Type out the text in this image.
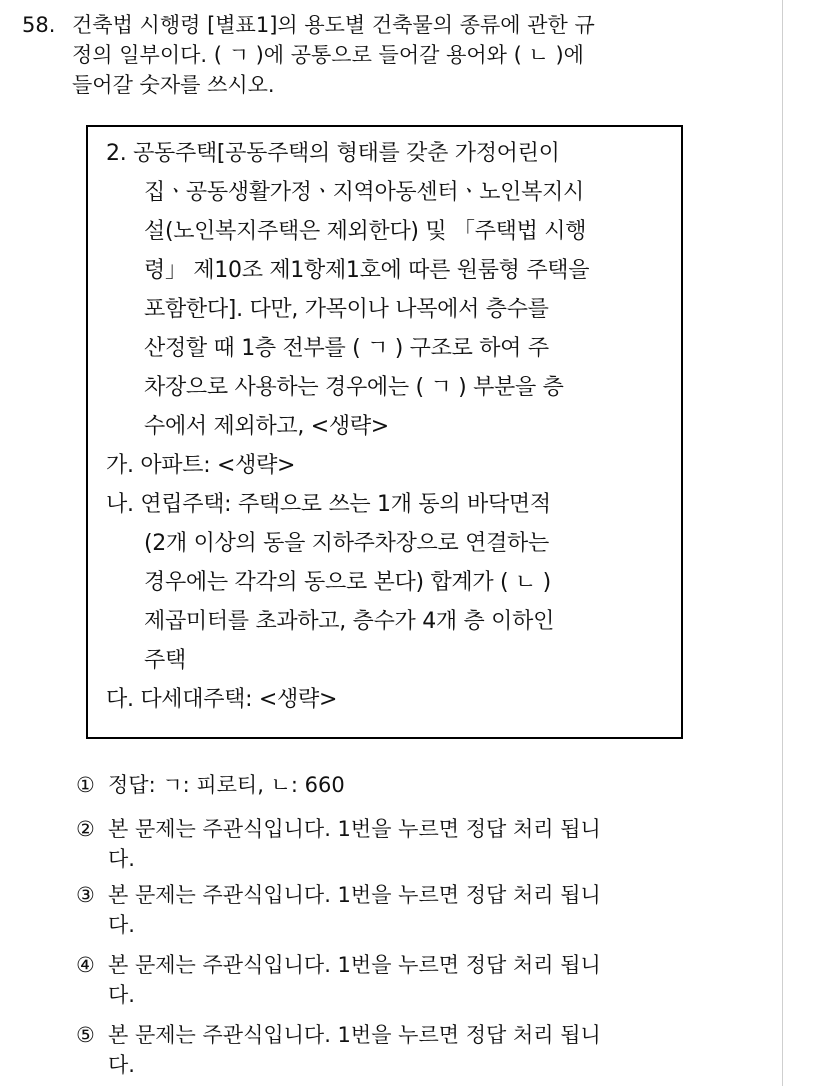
58. 건축법 시행령 [별표1]의 용도별 건축물의 종류에 관한 규
정의 일부이다. ( ㄱ )에 공통으로 들어갈 용어와 ( ㄴ )에
들어갈 숫자를 쓰시오.
2. 공동주택[공동주택의 형태를 갖춘 가정어린이
집ㆍ공동생활가정ㆍ지역아동센터ㆍ노인복지시
설(노인복지주택은 제외한다) 및 「주택법 시행
령」 제10조 제1항제1호에 따른 원룸형 주택을
포함한다]. 다만, 가목이나 나목에서 층수를
산정할 때 1층 전부를 ( ㄱ ) 구조로 하여 주
차장으로 사용하는 경우에는 ( ㄱ ) 부분을 층
수에서 제외하고, <생략>
가. 아파트: <생략>
나. 연립주택: 주택으로 쓰는 1개 동의 바닥면적
(2개 이상의 동을 지하주차장으로 연결하는
경우에는 각각의 동으로 본다) 합계가 ( ㄴ )
제곱미터를 초과하고, 층수가 4개 층 이하인
주택
다. 다세대주택: <생략>
① 정답: ㄱ: 피로티, ㄴ: 660
② 본 문제는 주관식입니다. 1번을 누르면 정답 처리 됩니
다.
③ 본 문제는 주관식입니다. 1번을 누르면 정답 처리 됩니
다.
④ 본 문제는 주관식입니다. 1번을 누르면 정답 처리 됩니
다.
⑤ 본 문제는 주관식입니다. 1번을 누르면 정답 처리 됩니
다.
